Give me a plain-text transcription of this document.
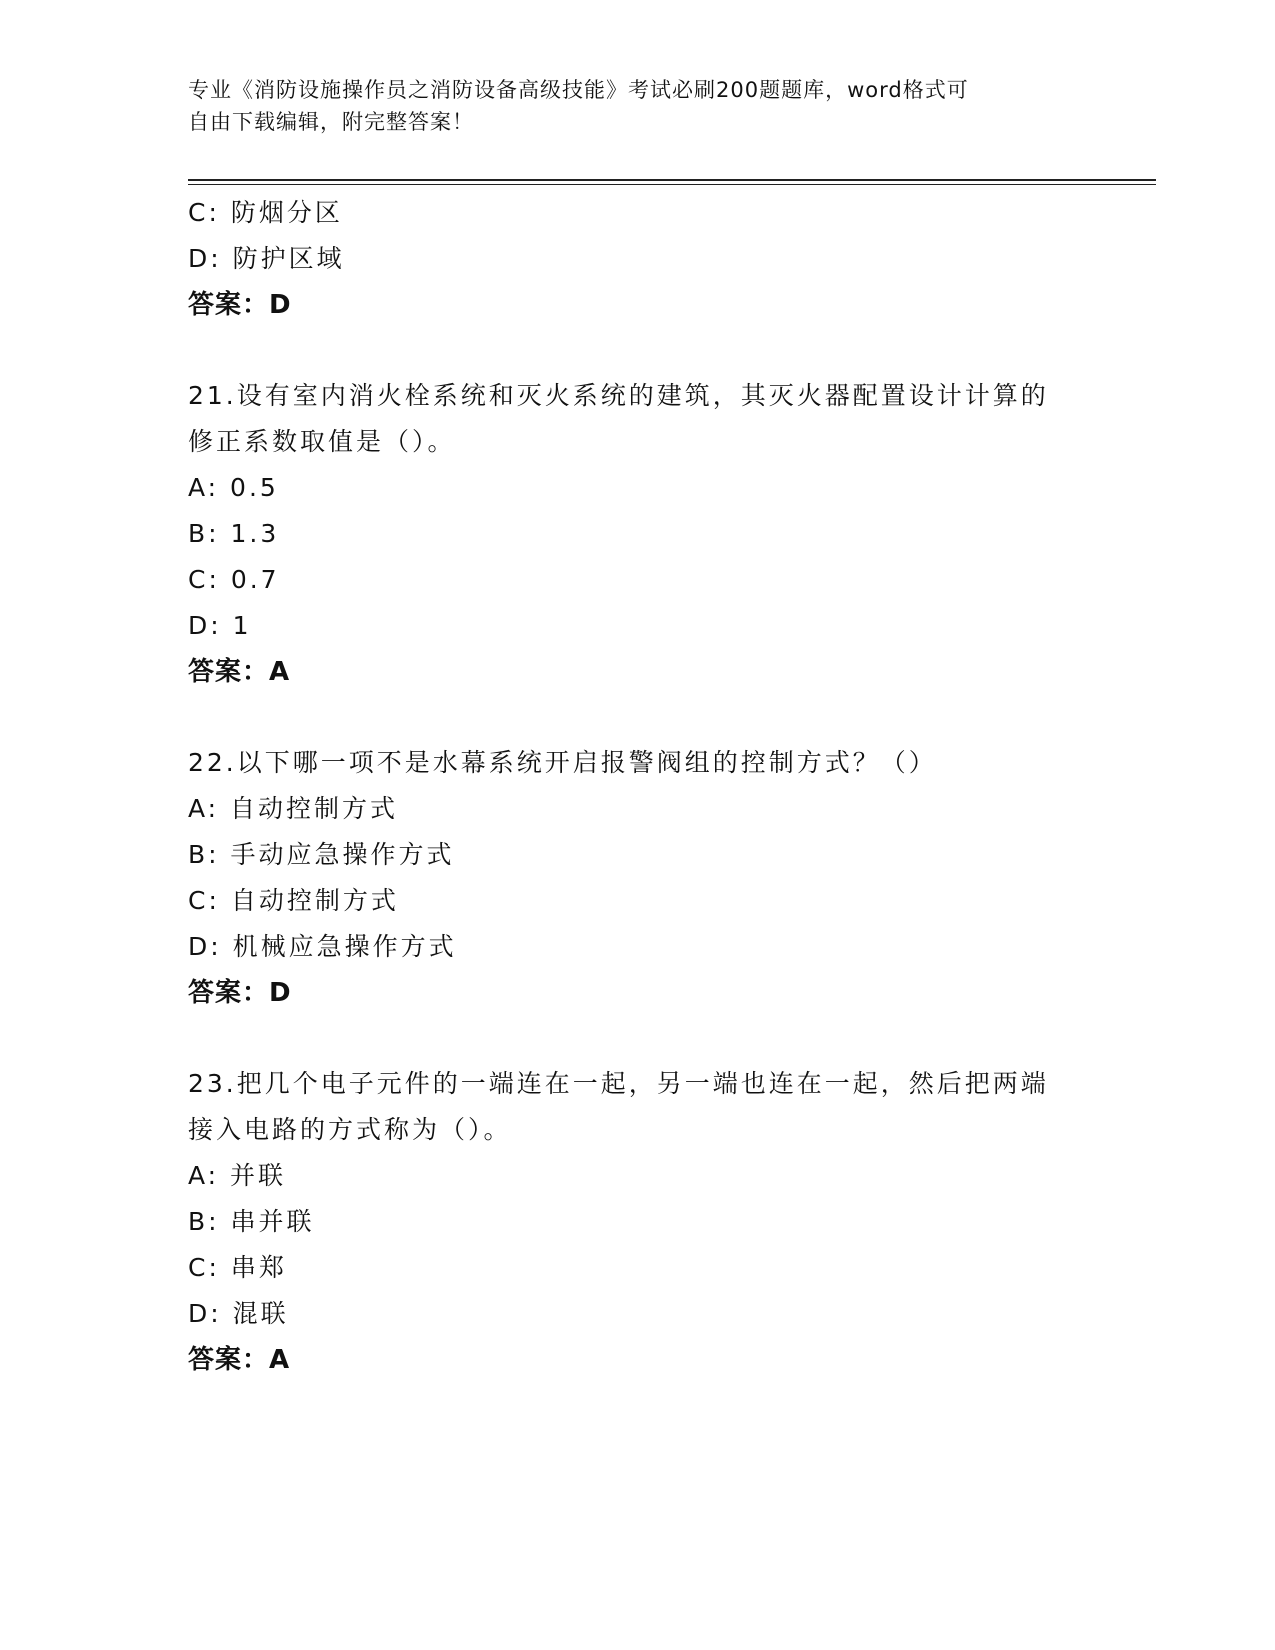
专业《消防设施操作员之消防设备高级技能》考试必刷200题题库，word格式可
自由下载编辑，附完整答案！
C: 防烟分区
D: 防护区域
答案：D
21.设有室内消火栓系统和灭火系统的建筑，其灭火器配置设计计算的
修正系数取值是（）。
A: 0.5
B: 1.3
C: 0.7
D: 1
答案：A
22.以下哪一项不是水幕系统开启报警阀组的控制方式？（）
A: 自动控制方式
B: 手动应急操作方式
C: 自动控制方式
D: 机械应急操作方式
答案：D
23.把几个电子元件的一端连在一起，另一端也连在一起，然后把两端
接入电路的方式称为（）。
A: 并联
B: 串并联
C: 串郑
D: 混联
答案：A
